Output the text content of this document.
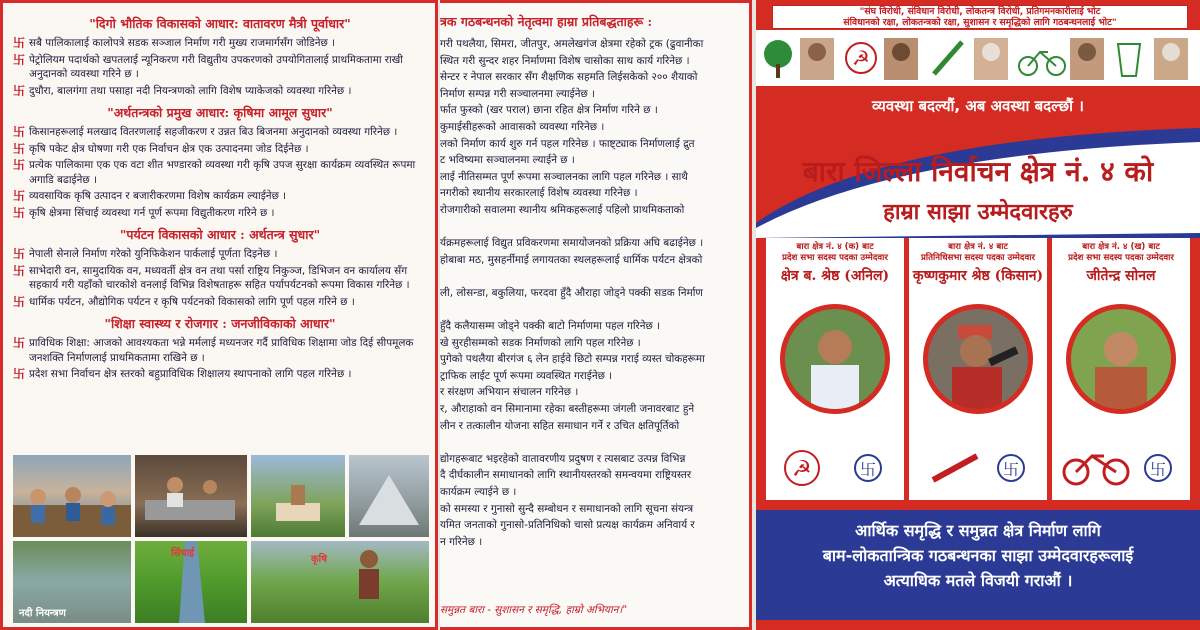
"दिगो भौतिक विकासको आधार: वातावरण मैत्री पूर्वाधार"
卐 सबै पालिकालाई कालोपत्रे सडक सञ्जाल निर्माण गरी मुख्य राजमार्गसँग जोडिनेछ ।
卐 पेट्रोलियम पदार्थको खपतलाई न्यूनिकरण गरी विद्युतीय उपकरणको उपयोगितालाई प्राथमिकतामा राखी अनुदानको व्यवस्था गरिने छ ।
卐 दुधौरा, बालगंगा तथा पसाहा नदी नियन्त्रणको लागि विशेष प्याकेजको व्यवस्था गरिनेछ ।
"अर्थतन्त्रको प्रमुख आधार: कृषिमा आमूल सुधार"
卐 किसानहरूलाई मलखाद वितरणलाई सहजीकरण र उन्नत बिउ बिजनमा अनुदानको व्यवस्था गरिनेछ ।
卐 कृषि पकेट क्षेत्र घोषणा गरी एक निर्वाचन क्षेत्र एक उत्पादनमा जोड दिईनेछ ।
卐 प्रत्येक पालिकामा एक एक वटा शीत भण्डारको व्यवस्था गरी कृषि उपज सुरक्षा कार्यक्रम व्यवस्थित रूपमा अगाडि बढाईनेछ ।
卐 व्यवसायिक कृषि उत्पादन र बजारीकरणमा विशेष कार्यक्रम ल्याईनेछ ।
卐 कृषि क्षेत्रमा सिंचाई व्यवस्था गर्न पूर्ण रूपमा विद्युतीकरण गरिने छ ।
"पर्यटन विकासको आधार : अर्थतन्त्र सुधार"
卐 नेपाली सेनाले निर्माण गरेको युनिफिकेशन पार्कलाई पूर्णता दिइनेछ ।
卐 साभेदारी वन, सामुदायिक वन, मध्यवर्ती क्षेत्र वन तथा पर्सा राष्ट्रिय निकुञ्ज, डिभिजन वन कार्यालय सँग सहकार्य गरी यहाँको चारकोशे वनलाई विभिन्न विशेषताहरू सहित पर्यापर्यटनको रूपमा विकास गरिनेछ ।
卐 धार्मिक पर्यटन, औद्योगिक पर्यटन र कृषि पर्यटनको विकासको लागि पूर्ण पहल गरिने छ ।
"शिक्षा स्वास्थ्य र रोजगार : जनजीविकाको आधार"
卐 प्राविधिक शिक्षा: आजको आवश्यकता भन्ने मर्मलाई मध्यनजर गर्दै प्राविधिक शिक्षामा जोड दिई सीपमूलक जनशक्ति निर्माणलाई प्राथमिकतामा राखिने छ ।
卐 प्रदेश सभा निर्वाचन क्षेत्र स्तरको बहुप्राविधिक शिक्षालय स्थापनाको लागि पहल गरिनेछ ।
नदी नियन्त्रण
सिंचाई
कृषि
त्रक गठबन्धनको नेतृत्वमा हाम्रा प्रतिबद्धताहरू :
गरी पथलैया, सिमरा, जीतपुर, अमलेखगंज क्षेत्रमा रहेको ट्रक (ढुवानीका
स्थित गरी सुन्दर शहर निर्माणमा विशेष चासोका साथ कार्य गरिनेछ ।
सेन्टर र नेपाल सरकार सँग शैक्षणिक सहमति लिईसकेको २०० शैयाको
निर्माण सम्पन्न गरी सञ्चालनमा ल्याईनेछ ।
र्फात फुस्को (खर पराल) छाना रहित क्षेत्र निर्माण गरिने छ ।
कुमाईसीहरूको आवासको व्यवस्था गरिनेछ ।
लको निर्माण कार्य शुरु गर्न पहल गरिनेछ । फाष्ट्ट्याक निर्माणलाई द्रुत
ट भविष्यमा सञ्चालनमा ल्याईने छ ।
लाई नीतिसम्मत पूर्ण रूपमा सञ्चालनका लागि पहल गरिनेछ । साथै
नगरीको स्थानीय सरकारलाई विशेष व्यवस्था गरिनेछ ।
रोजगारीको सवालमा स्थानीय श्रमिकहरूलाई पहिलो प्राथमिकताको

र्यक्रमहरूलाई विद्युत प्रविकरणमा समायोजनको प्रक्रिया अघि बढाईनेछ ।
होबाबा मठ, मुसहर्नीमाई लगायतका स्थलहरूलाई धार्मिक पर्यटन क्षेत्रको

ली, लोसन्डा, बकुलिया, फरदवा हुँदै औराहा जोड्ने पक्की सडक निर्माण

हुँदै कलैयासम्म जोड्ने पक्की बाटो निर्माणमा पहल गरिनेछ ।
खे सुरहीसम्मको सडक निर्माणको लागि पहल गरिनेछ ।
पुगेको पथलैया बीरगंज ६ लेन हाईवे छिटो सम्पन्न गराई व्यस्त चोकहरूमा
ट्राफिक लाईट पूर्ण रूपमा व्यवस्थित गराईनेछ ।
र संरक्षण अभियान संचालन गरिनेछ ।
र, औराहाको वन सिमानामा रहेका बस्तीहरूमा जंगली जनावरबाट हुने
लीन र तत्कालीन योजना सहित समाधान गर्ने र उचित क्षतिपूर्तिको

द्योगहरूबाट भइरहेको वातावरणीय प्रदुषण र त्यसबाट उत्पन्न विभिन्न
दै दीर्घकालीन समाधानको लागि स्थानीयस्तरको समन्वयमा राष्ट्रियस्तर
कार्यक्रम ल्याईने छ ।
को समस्या र गुनासो सुन्दै सम्बोधन र समाधानको लागि सूचना संयन्त्र
यमित जनताको गुनासो-प्रतिनिधिको चासो प्रत्यक्ष कार्यक्रम अनिवार्य र
न गरिनेछ ।
समुन्नत बारा - सुशासन र समृद्धि, हाम्रो अभियान।"
"संघ विरोधी, संविधान विरोधी, लोकतन्त्र विरोधी, प्रतिगमनकारीलाई भोट
संविधानको रक्षा, लोकतन्त्रको रक्षा, सुशासन र समृद्धिको लागि गठबन्धनलाई भोट"
☭
व्यवस्था बदल्यौं, अब अवस्था बदल्छौं ।
बारा जिल्ला निर्वाचन क्षेत्र नं. ४ को
हाम्रा साझा उम्मेदवारहरु
बारा क्षेत्र नं. ४ (क) बाट
प्रदेश सभा सदस्य पदका उम्मेदवार
क्षेत्र ब. श्रेष्ठ (अनिल)
☭	卐
बारा क्षेत्र नं. ४ बाट
प्रतिनिधिसभा सदस्य पदका उम्मेदवार
कृष्णकुमार श्रेष्ठ (किसान)
卐
बारा क्षेत्र नं. ४ (ख) बाट
प्रदेश सभा सदस्य पदका उम्मेदवार
जीतेन्द्र सोनल
卐
आर्थिक समृद्धि र समुन्नत क्षेत्र निर्माण लागि
बाम-लोकतान्त्रिक गठबन्धनका साझा उम्मेदवारहरूलाई
अत्याधिक मतले विजयी गराऔं ।
